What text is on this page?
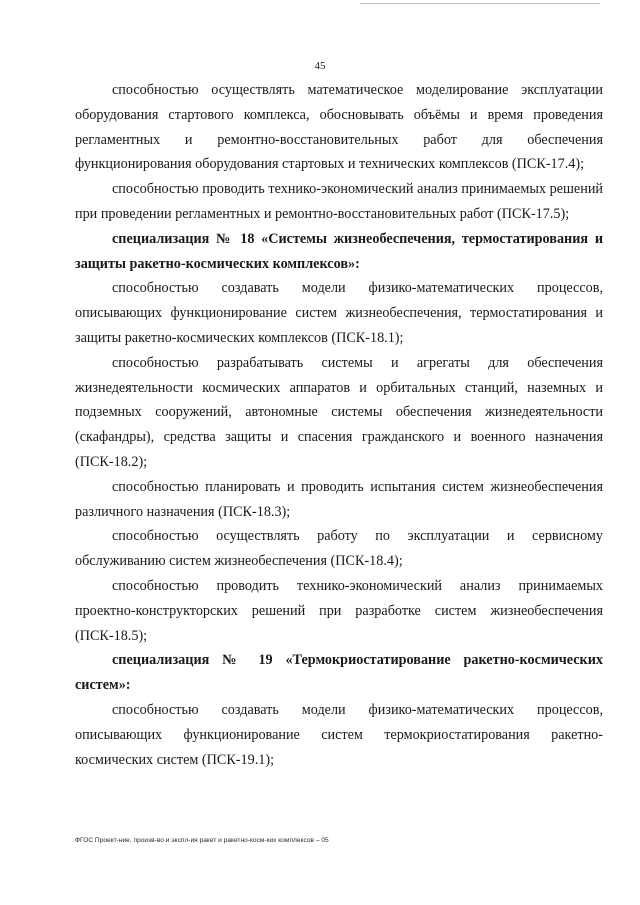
45

способностью осуществлять математическое моделирование эксплуатации оборудования стартового комплекса, обосновывать объёмы и время проведения регламентных и ремонтно-восстановительных работ для обеспечения функционирования оборудования стартовых и технических комплексов (ПСК-17.4);

способностью проводить технико-экономический анализ принимаемых решений при проведении регламентных и ремонтно-восстановительных работ (ПСК-17.5);

специализация № 18 «Системы жизнеобеспечения, термостатирования и защиты ракетно-космических комплексов»:

способностью создавать модели физико-математических процессов, описывающих функционирование систем жизнеобеспечения, термостатирования и защиты ракетно-космических комплексов (ПСК-18.1);

способностью разрабатывать системы и агрегаты для обеспечения жизнедеятельности космических аппаратов и орбитальных станций, наземных и подземных сооружений, автономные системы обеспечения жизнедеятельности (скафандры), средства защиты и спасения гражданского и военного назначения (ПСК-18.2);

способностью планировать и проводить испытания систем жизнеобеспечения различного назначения (ПСК-18.3);

способностью осуществлять работу по эксплуатации и сервисному обслуживанию систем жизнеобеспечения (ПСК-18.4);

способностью проводить технико-экономический анализ принимаемых проектно-конструкторских решений при разработке систем жизнеобеспечения (ПСК-18.5);

специализация № 19 «Термокриостатирование ракетно-космических систем»:

способностью создавать модели физико-математических процессов, описывающих функционирование систем термокриостатирования ракетно-космических систем (ПСК-19.1);

ФГОС Проект-ние, произв-во и экспл-ия ракет и ракетно-косм-ких комплексов – 05
